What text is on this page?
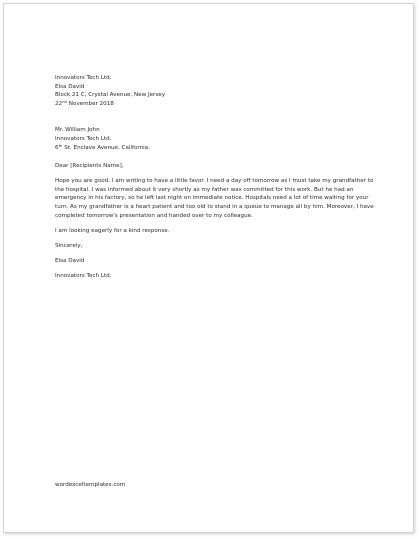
Innovators Tech Ltd.
Elsa David
Block 21 C, Crystal Avenue, New Jersey
22nd November 2018
Mr. William John
Innovators Tech Ltd.
6th St. Enclave Avenue, California.
Dear [Recipients Name],
Hope you are good. I am writing to have a little favor. I need a day off tomorrow as I must take my grandfather to the hospital. I was informed about it very shortly as my father was committed for this work. But he had an emergency in his factory, so he left last night on immediate notice. Hospitals need a lot of time waiting for your turn. As my grandfather is a heart patient and too old to stand in a queue to manage all by him. Moreover, I have completed tomorrow's presentation and handed over to my colleague.
I am looking eagerly for a kind response.
Sincerely,
Elsa David
Innovators Tech Ltd.
wordexceltemplates.com
